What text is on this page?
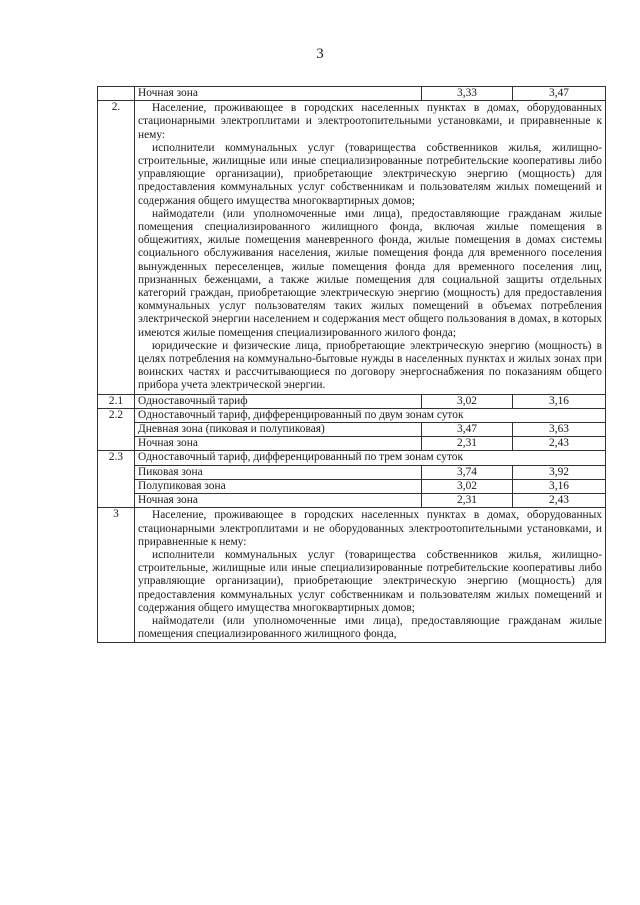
3
	Ночная зона	3,33	3,47
2.	Население, проживающее в городских населенных пунктах в домах, оборудованных стационарными электроплитами и электроотопительными установками, и приравненные к нему:

исполнители коммунальных услуг (товарищества собственников жилья, жилищно-строительные, жилищные или иные специализированные потребительские кооперативы либо управляющие организации), приобретающие электрическую энергию (мощность) для предоставления коммунальных услуг собственникам и пользователям жилых помещений и содержания общего имущества многоквартирных домов;

наймодатели (или уполномоченные ими лица), предоставляющие гражданам жилые помещения специализированного жилищного фонда, включая жилые помещения в общежитиях, жилые помещения маневренного фонда, жилые помещения в домах системы социального обслуживания населения, жилые помещения фонда для временного поселения вынужденных переселенцев, жилые помещения фонда для временного поселения лиц, признанных беженцами, а также жилые помещения для социальной защиты отдельных категорий граждан, приобретающие электрическую энергию (мощность) для предоставления коммунальных услуг пользователям таких жилых помещений в объемах потребления электрической энергии населением и содержания мест общего пользования в домах, в которых имеются жилые помещения специализированного жилого фонда;

юридические и физические лица, приобретающие электрическую энергию (мощность) в целях потребления на коммунально-бытовые нужды в населенных пунктах и жилых зонах при воинских частях и рассчитывающиеся по договору энергоснабжения по показаниям общего прибора учета электрической энергии.		

2.1	Одноставочный тариф	3,02	3,16
2.2	Одноставочный тариф, дифференцированный по двум зонам суток		
	Дневная зона (пиковая и полупиковая)	3,47	3,63
	Ночная зона	2,31	2,43
2.3	Одноставочный тариф, дифференцированный по трем зонам суток		
	Пиковая зона	3,74	3,92
	Полупиковая зона	3,02	3,16
	Ночная зона	2,31	2,43
3	Население, проживающее в городских населенных пунктах в домах, оборудованных стационарными электроплитами и не оборудованных электроотопительными установками, и приравненные к нему:

исполнители коммунальных услуг (товарищества собственников жилья, жилищно-строительные, жилищные или иные специализированные потребительские кооперативы либо управляющие организации), приобретающие электрическую энергию (мощность) для предоставления коммунальных услуг собственникам и пользователям жилых помещений и содержания общего имущества многоквартирных домов;

наймодатели (или уполномоченные ими лица), предоставляющие гражданам жилые помещения специализированного жилищного фонда,		
